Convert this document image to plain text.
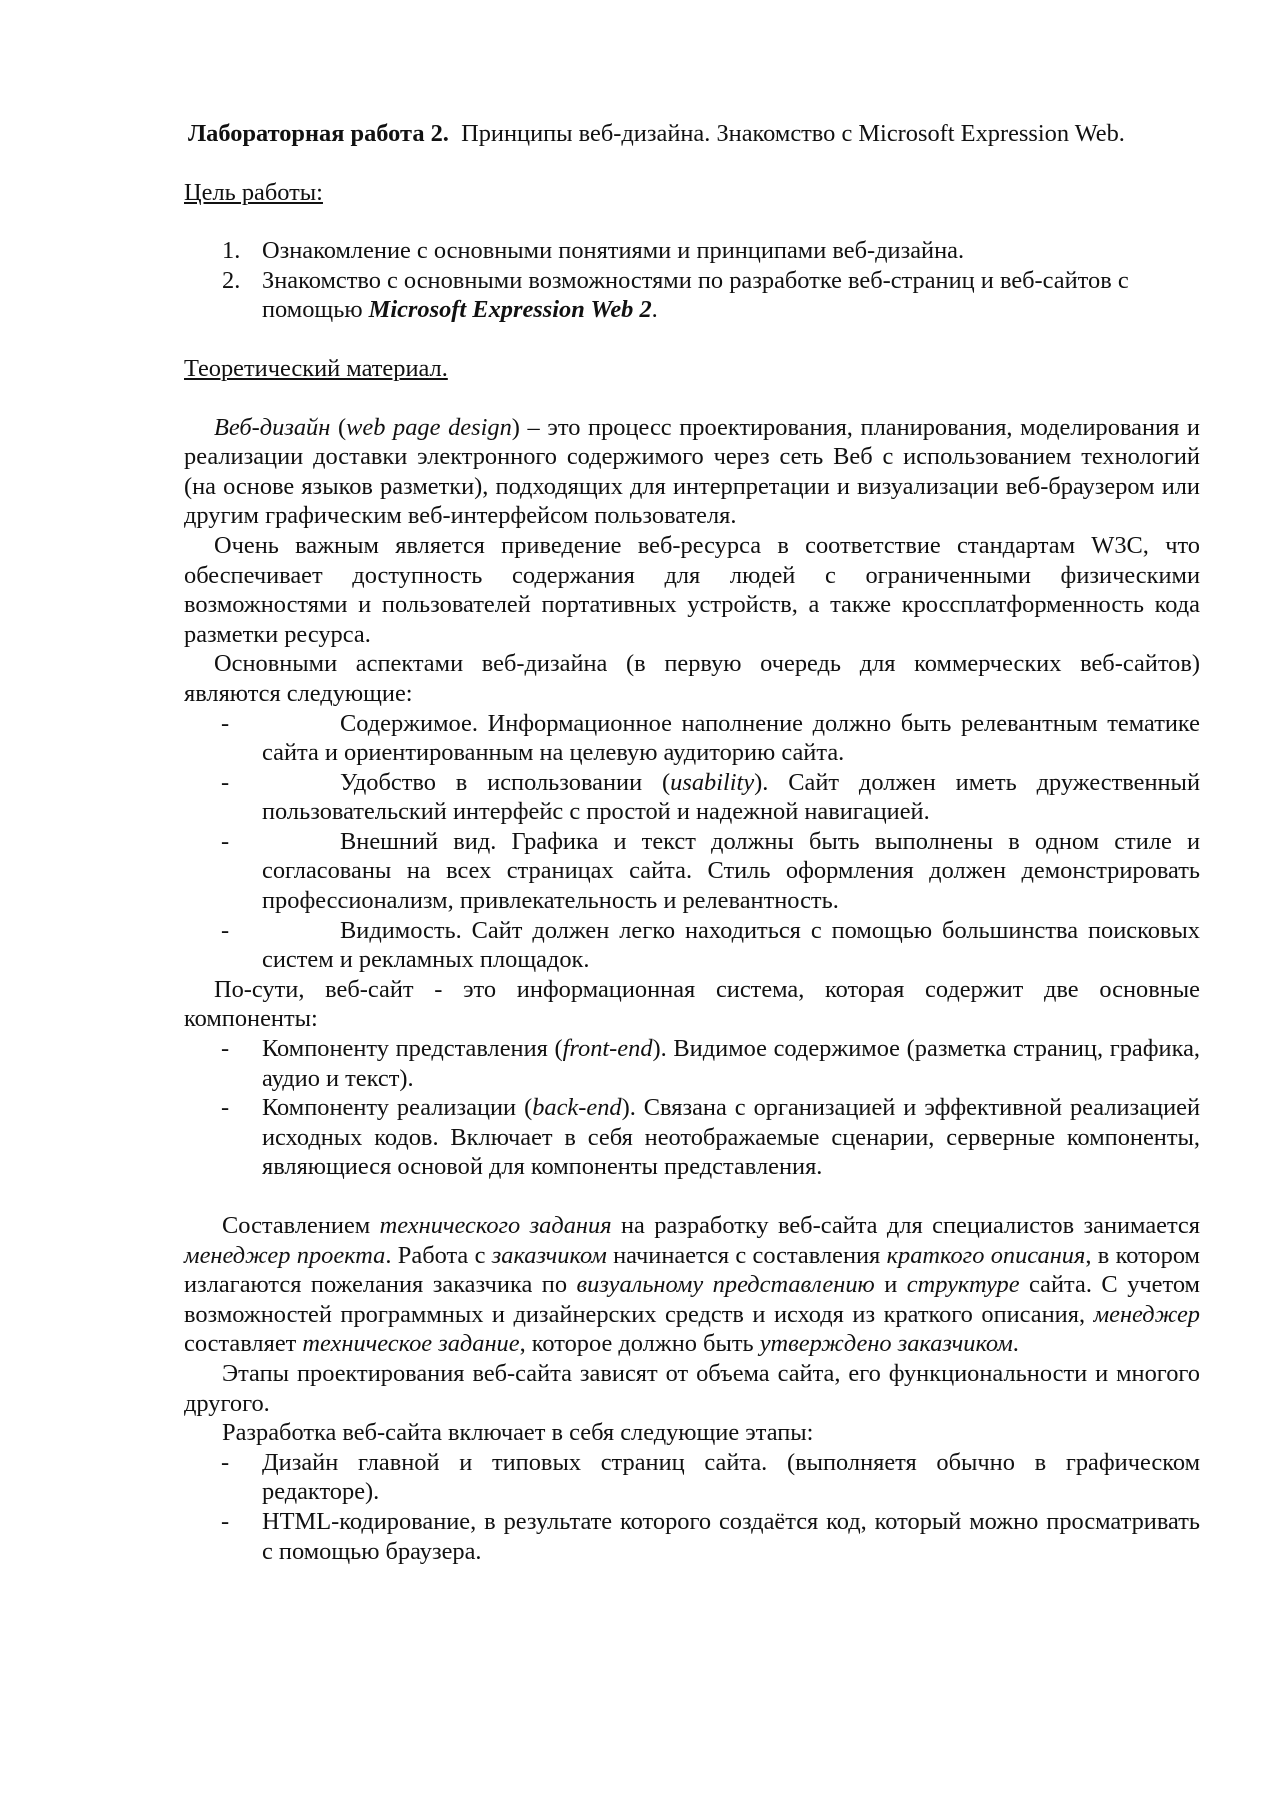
Лабораторная работа 2. Принципы веб-дизайна. Знакомство с Microsoft Expression Web.
Цель работы:
1. Ознакомление с основными понятиями и принципами веб-дизайна.
2. Знакомство с основными возможностями по разработке веб-страниц и веб-сайтов с помощью Microsoft Expression Web 2.
Теоретический материал.

Веб-дизайн (web page design) – это процесс проектирования, планирования, моделирования и реализации доставки электронного содержимого через сеть Веб с использованием технологий (на основе языков разметки), подходящих для интерпретации и визуализации веб-браузером или другим графическим веб-интерфейсом пользователя.

Очень важным является приведение веб-ресурса в соответствие стандартам W3C, что обеспечивает доступность содержания для людей с ограниченными физическими возможностями и пользователей портативных устройств, а также кроссплатформенность кода разметки ресурса.

Основными аспектами веб-дизайна (в первую очередь для коммерческих веб-сайтов) являются следующие:

-	Содержимое. Информационное наполнение должно быть релевантным тематике сайта и ориентированным на целевую аудиторию сайта.
-	Удобство в использовании (usability). Сайт должен иметь дружественный пользовательский интерфейс с простой и надежной навигацией.
-	Внешний вид. Графика и текст должны быть выполнены в одном стиле и согласованы на всех страницах сайта. Стиль оформления должен демонстрировать профессионализм, привлекательность и релевантность.
-	Видимость. Сайт должен легко находиться с помощью большинства поисковых систем и рекламных площадок.

По-сути, веб-сайт - это информационная система, которая содержит две основные компоненты:

- Компоненту представления (front-end). Видимое содержимое (разметка страниц, графика, аудио и текст).
- Компоненту реализации (back-end). Связана с организацией и эффективной реализацией исходных кодов. Включает в себя неотображаемые сценарии, серверные компоненты, являющиеся основой для компоненты представления.

Составлением технического задания на разработку веб-сайта для специалистов занимается менеджер проекта. Работа с заказчиком начинается с составления краткого описания, в котором излагаются пожелания заказчика по визуальному представлению и структуре сайта. С учетом возможностей программных и дизайнерских средств и исходя из краткого описания, менеджер составляет техническое задание, которое должно быть утверждено заказчиком.

Этапы проектирования веб-сайта зависят от объема сайта, его функциональности и многого другого.

Разработка веб-сайта включает в себя следующие этапы:

- Дизайн главной и типовых страниц сайта. (выполняетя обычно в графическом редакторе).
- HTML-кодирование, в результате которого создаётся код, который можно просматривать с помощью браузера.
